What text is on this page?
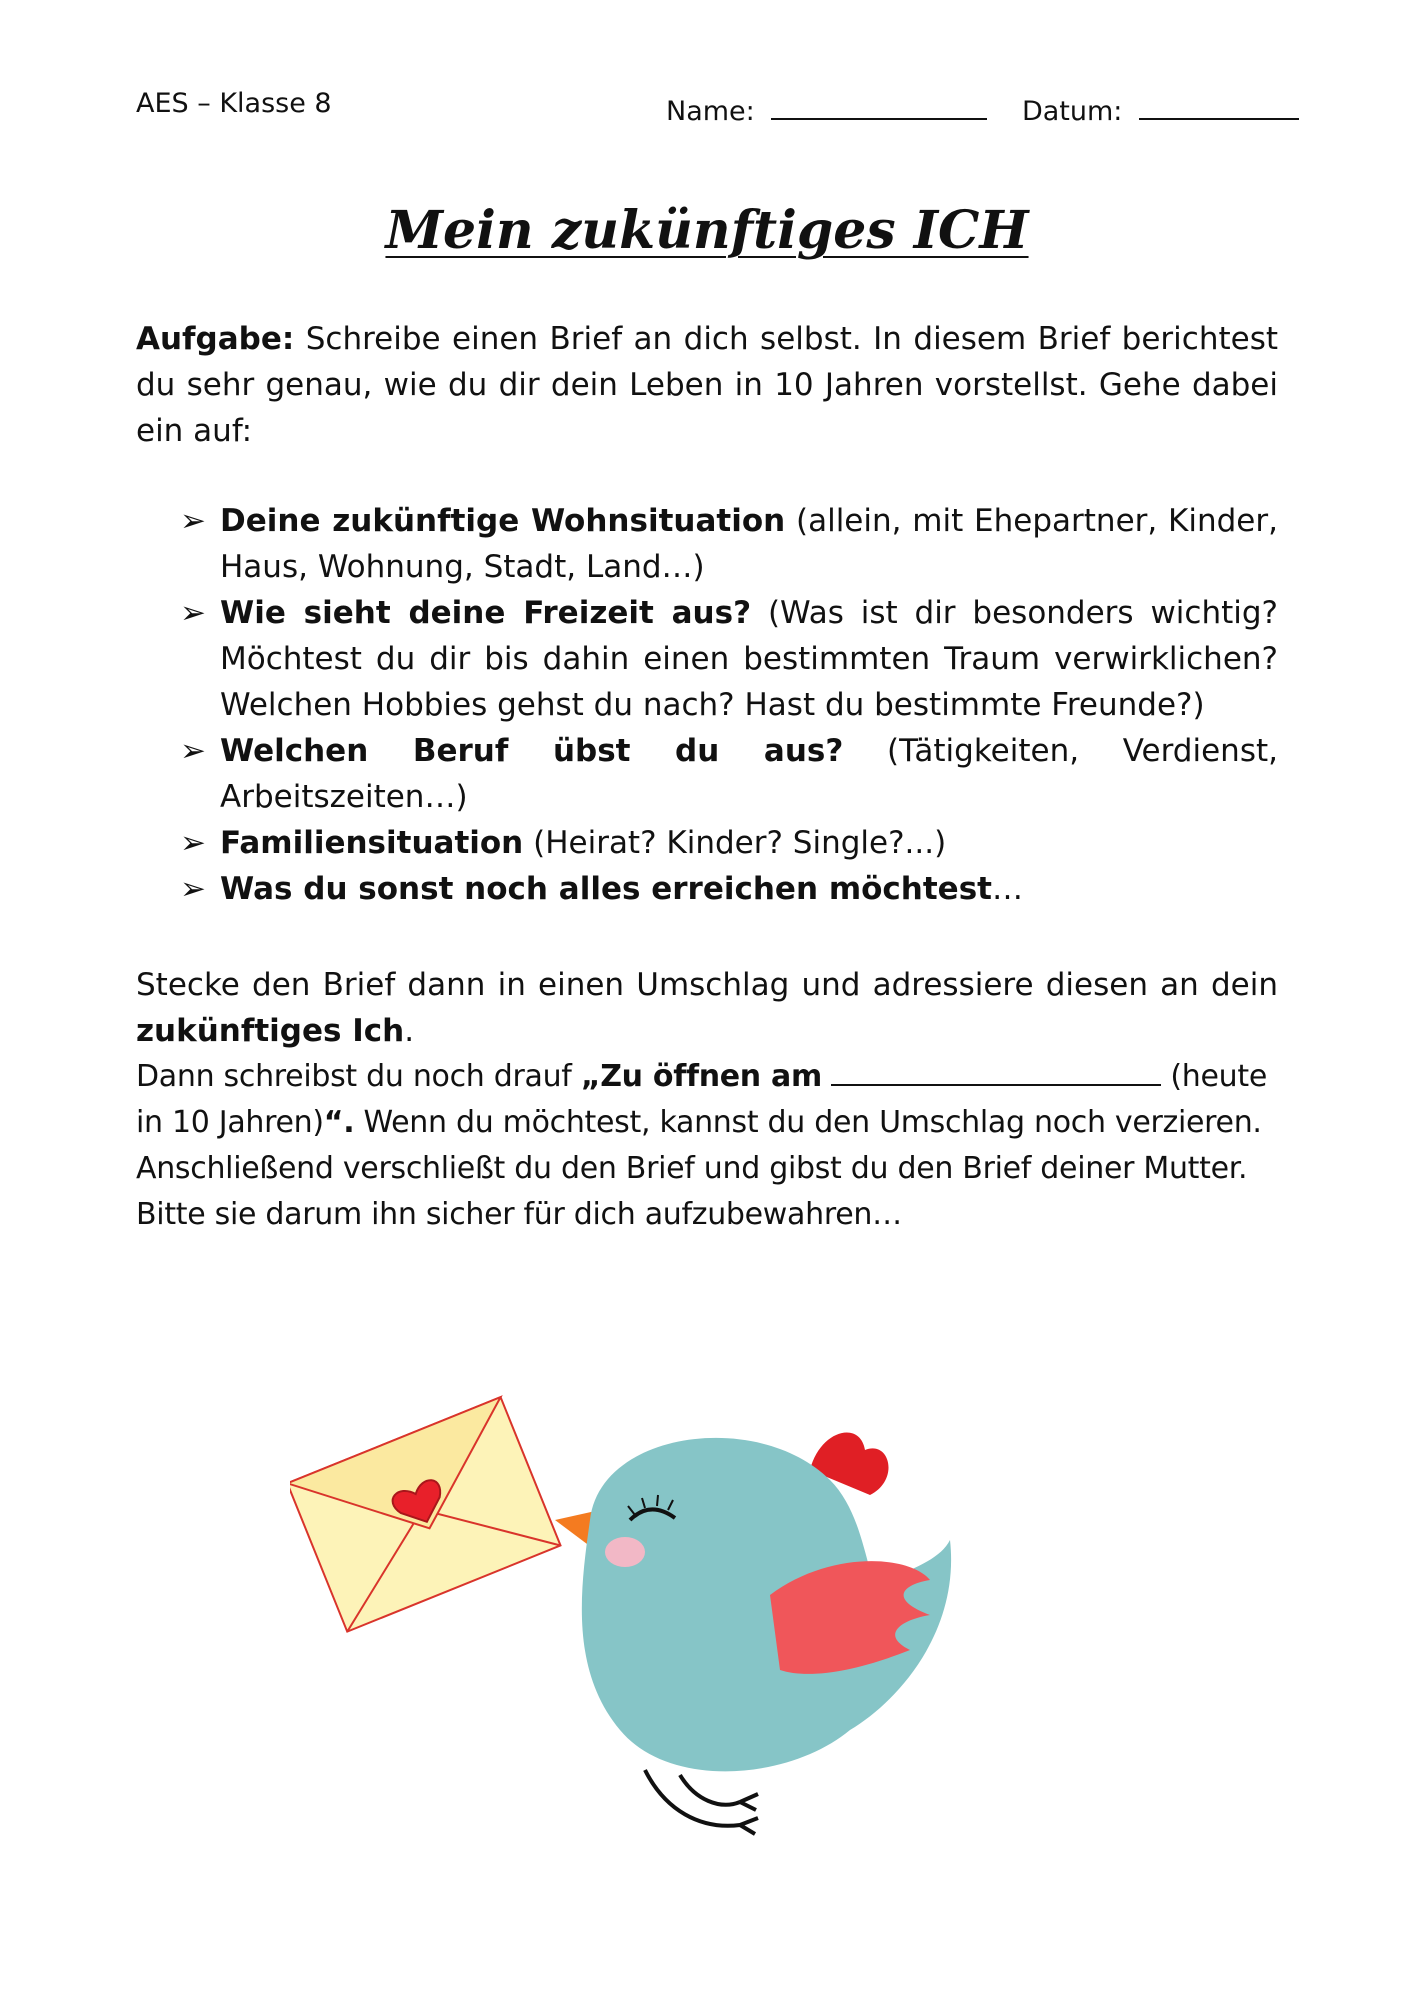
AES – Klasse 8	Name:	Datum:
Mein zukünftiges ICH
Aufgabe: Schreibe einen Brief an dich selbst. In diesem Brief berichtest du sehr genau, wie du dir dein Leben in 10 Jahren vorstellst. Gehe dabei ein auf:
➢ Deine zukünftige Wohnsituation (allein, mit Ehepartner, Kinder, Haus, Wohnung, Stadt, Land…)
➢ Wie sieht deine Freizeit aus? (Was ist dir besonders wichtig? Möchtest du dir bis dahin einen bestimmten Traum verwirklichen? Welchen Hobbies gehst du nach? Hast du bestimmte Freunde?)
➢ Welchen Beruf übst du aus? (Tätigkeiten, Verdienst, Arbeitszeiten…)
➢ Familiensituation (Heirat? Kinder? Single?...)
➢ Was du sonst noch alles erreichen möchtest…

Stecke den Brief dann in einen Umschlag und adressiere diesen an dein zukünftiges Ich.

Dann schreibst du noch drauf „Zu öffnen am	(heute in 10 Jahren)“. Wenn du möchtest, kannst du den Umschlag noch verzieren. Anschließend verschließt du den Brief und gibst du den Brief deiner Mutter. Bitte sie darum ihn sicher für dich aufzubewahren…
